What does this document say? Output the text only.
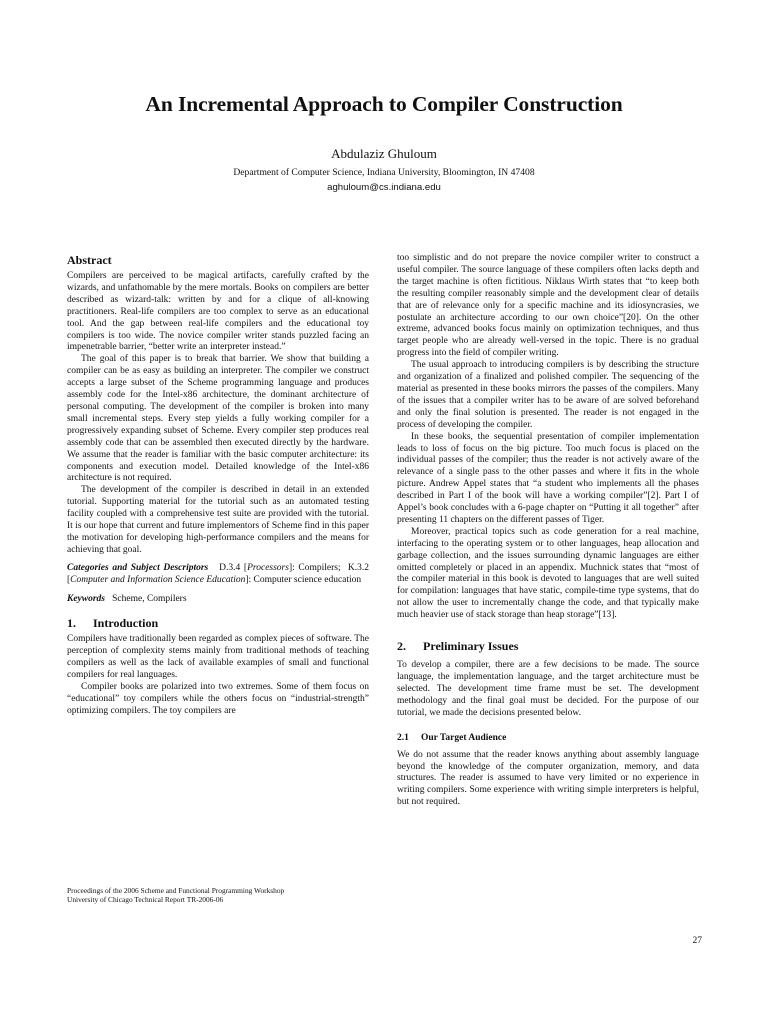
An Incremental Approach to Compiler Construction
Abdulaziz Ghuloum
Department of Computer Science, Indiana University, Bloomington, IN 47408
aghuloum@cs.indiana.edu
Abstract

Compilers are perceived to be magical artifacts, carefully crafted by the wizards, and unfathomable by the mere mortals. Books on compilers are better described as wizard-talk: written by and for a clique of all-knowing practitioners. Real-life compilers are too complex to serve as an educational tool. And the gap between real-life compilers and the educational toy compilers is too wide. The novice compiler writer stands puzzled facing an impenetrable barrier, “better write an interpreter instead.”

The goal of this paper is to break that barrier. We show that building a compiler can be as easy as building an interpreter. The compiler we construct accepts a large subset of the Scheme programming language and produces assembly code for the Intel-x86 architecture, the dominant architecture of personal computing. The development of the compiler is broken into many small incremental steps. Every step yields a fully working compiler for a progressively expanding subset of Scheme. Every compiler step produces real assembly code that can be assembled then executed directly by the hardware. We assume that the reader is familiar with the basic computer architecture: its components and execution model. Detailed knowledge of the Intel-x86 architecture is not required.

The development of the compiler is described in detail in an extended tutorial. Supporting material for the tutorial such as an automated testing facility coupled with a comprehensive test suite are provided with the tutorial. It is our hope that current and future implementors of Scheme find in this paper the motivation for developing high-performance compilers and the means for achieving that goal.

Categories and Subject Descriptors D.3.4 [Processors]: Compilers; K.3.2 [Computer and Information Science Education]: Computer science education

Keywords Scheme, Compilers

1. Introduction

Compilers have traditionally been regarded as complex pieces of software. The perception of complexity stems mainly from traditional methods of teaching compilers as well as the lack of available examples of small and functional compilers for real languages.

Compiler books are polarized into two extremes. Some of them focus on “educational” toy compilers while the others focus on “industrial-strength” optimizing compilers. The toy compilers are

too simplistic and do not prepare the novice compiler writer to construct a useful compiler. The source language of these compilers often lacks depth and the target machine is often fictitious. Niklaus Wirth states that “to keep both the resulting compiler reasonably simple and the development clear of details that are of relevance only for a specific machine and its idiosyncrasies, we postulate an architecture according to our own choice”[20]. On the other extreme, advanced books focus mainly on optimization techniques, and thus target people who are already well-versed in the topic. There is no gradual progress into the field of compiler writing.

The usual approach to introducing compilers is by describing the structure and organization of a finalized and polished compiler. The sequencing of the material as presented in these books mirrors the passes of the compilers. Many of the issues that a compiler writer has to be aware of are solved beforehand and only the final solution is presented. The reader is not engaged in the process of developing the compiler.

In these books, the sequential presentation of compiler implementation leads to loss of focus on the big picture. Too much focus is placed on the individual passes of the compiler; thus the reader is not actively aware of the relevance of a single pass to the other passes and where it fits in the whole picture. Andrew Appel states that “a student who implements all the phases described in Part I of the book will have a working compiler”[2]. Part I of Appel’s book concludes with a 6-page chapter on “Putting it all together” after presenting 11 chapters on the different passes of Tiger.

Moreover, practical topics such as code generation for a real machine, interfacing to the operating system or to other languages, heap allocation and garbage collection, and the issues surrounding dynamic languages are either omitted completely or placed in an appendix. Muchnick states that “most of the compiler material in this book is devoted to languages that are well suited for compilation: languages that have static, compile-time type systems, that do not allow the user to incrementally change the code, and that typically make much heavier use of stack storage than heap storage”[13].

2. Preliminary Issues

To develop a compiler, there are a few decisions to be made. The source language, the implementation language, and the target architecture must be selected. The development time frame must be set. The development methodology and the final goal must be decided. For the purpose of our tutorial, we made the decisions presented below.

2.1 Our Target Audience

We do not assume that the reader knows anything about assembly language beyond the knowledge of the computer organization, memory, and data structures. The reader is assumed to have very limited or no experience in writing compilers. Some experience with writing simple interpreters is helpful, but not required.

Proceedings of the 2006 Scheme and Functional Programming Workshop
University of Chicago Technical Report TR-2006-06
27
